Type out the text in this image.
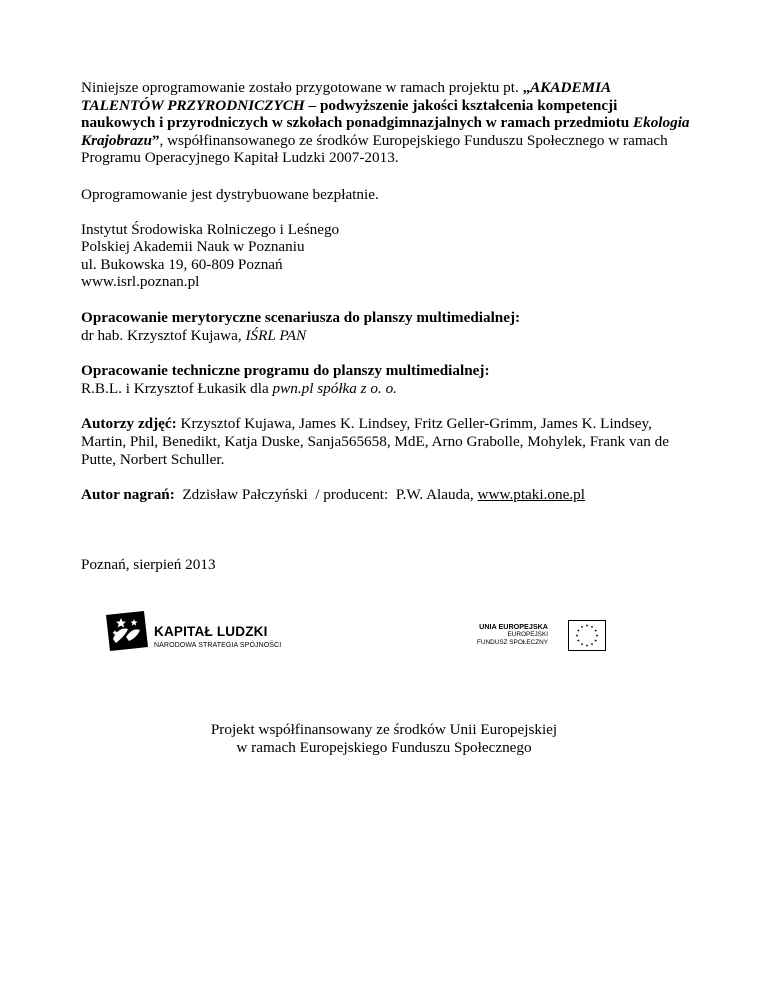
Niniejsze oprogramowanie zostało przygotowane w ramach projektu pt. „AKADEMIA TALENTÓW PRZYRODNICZYCH – podwyższenie jakości kształcenia kompetencji naukowych i przyrodniczych w szkołach ponadgimnazjalnych w ramach przedmiotu Ekologia Krajobrazu”, współfinansowanego ze środków Europejskiego Funduszu Społecznego w ramach Programu Operacyjnego Kapitał Ludzki 2007-2013.

Oprogramowanie jest dystrybuowane bezpłatnie.

Instytut Środowiska Rolniczego i Leśnego

Polskiej Akademii Nauk w Poznaniu

ul. Bukowska 19, 60-809 Poznań

www.isrl.poznan.pl

Opracowanie merytoryczne scenariusza do planszy multimedialnej:

dr hab. Krzysztof Kujawa, IŚRL PAN

Opracowanie techniczne programu do planszy multimedialnej:

R.B.L. i Krzysztof Łukasik dla pwn.pl spółka z o. o.

Autorzy zdjęć: Krzysztof Kujawa, James K. Lindsey, Fritz Geller-Grimm, James K. Lindsey, Martin, Phil, Benedikt, Katja Duske, Sanja565658, MdE, Arno Grabolle, Mohylek, Frank van de Putte, Norbert Schuller.

Autor nagrań:  Zdzisław Pałczyński  / producent:  P.W. Alauda, www.ptaki.one.pl

Poznań, sierpień 2013

KAPITAŁ LUDZKI
NARODOWA STRATEGIA SPÓJNOŚCI
UNIA EUROPEJSKA
EUROPEJSKI
FUNDUSZ SPOŁECZNY

Projekt współfinansowany ze środków Unii Europejskiej

w ramach Europejskiego Funduszu Społecznego
